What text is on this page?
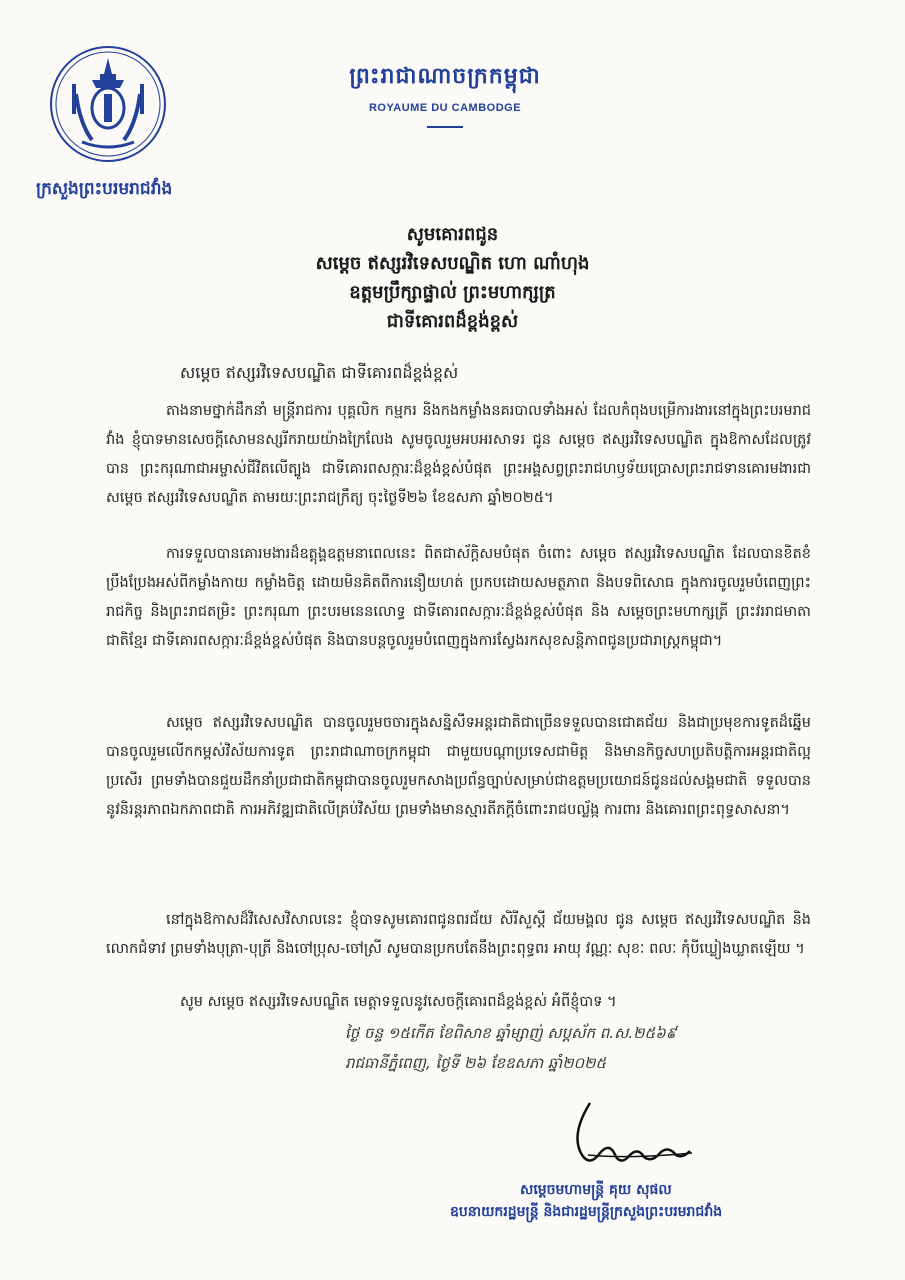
ក្រសួងព្រះបរមរាជវាំង
ព្រះរាជាណាចក្រកម្ពុជា
ROYAUME DU CAMBODGE
សូមគោរពជូន
សម្ដេច ឥស្សរវិទេសបណ្ឌិត ហោ ណាំហុង
ឧត្ដមប្រឹក្សាផ្ទាល់ ព្រះមហាក្សត្រ
ជាទីគោរពដ៏ខ្ពង់ខ្ពស់
សម្ដេច ឥស្សរវិទេសបណ្ឌិត ជាទីគោរពដ៏ខ្ពង់ខ្ពស់

តាងនាមថ្នាក់ដឹកនាំ មន្ត្រីរាជការ បុគ្គលិក កម្មករ និងកងកម្លាំងនគរបាលទាំងអស់ ដែលកំពុងបម្រើការងារនៅក្នុងព្រះបរមរាជវាំង ខ្ញុំបាទមានសេចក្ដីសោមនស្សរីករាយយ៉ាងក្រៃលែង សូមចូលរួមអបអរសាទរ ជូន សម្ដេច ឥស្សរវិទេសបណ្ឌិត ក្នុងឱកាសដែលត្រូវបាន ព្រះករុណាជាអម្ចាស់ជីវិតលើត្បូង ជាទីគោរពសក្ការៈដ៏ខ្ពង់ខ្ពស់បំផុត ព្រះអង្គសព្វព្រះរាជហឫទ័យប្រោសព្រះរាជទានគោរមងារជា សម្ដេច ឥស្សរវិទេសបណ្ឌិត តាមរយៈព្រះរាជក្រឹត្យ ចុះថ្ងៃទី២៦ ខែឧសភា ឆ្នាំ២០២៥។

ការទទួលបានគោរមងារដ៏ឧត្ដុង្គឧត្ដមនាពេលនេះ ពិតជាស័ក្ដិសមបំផុត ចំពោះ សម្ដេច ឥស្សរវិទេសបណ្ឌិត ដែលបានខិតខំប្រឹងប្រែងអស់ពីកម្លាំងកាយ កម្លាំងចិត្ត ដោយមិនគិតពីការនឿយហត់ ប្រកបដោយសមត្ថភាព និងបទពិសោធ ក្នុងការចូលរួមបំពេញព្រះរាជកិច្ច និងព្រះរាជតម្រិះ ព្រះករុណា ព្រះបរមនេនលោទ្ធ ជាទីគោរពសក្ការៈដ៏ខ្ពង់ខ្ពស់បំផុត និង សម្ដេចព្រះមហាក្សត្រី ព្រះវររាជមាតាជាតិខ្មែរ ជាទីគោរពសក្ការៈដ៏ខ្ពង់ខ្ពស់បំផុត និងបានបន្តចូលរួមបំពេញក្នុងការស្វែងរកសុខសន្តិភាពជូនប្រជារាស្ត្រកម្ពុជា។

សម្ដេច ឥស្សរវិទេសបណ្ឌិត បានចូលរួមចចារក្នុងសន្និសីទអន្តរជាតិជាច្រើនទទួលបានជោគជ័យ និងជាប្រមុខការទូតដ៏ឆ្នើម បានចូលរួមលើកកម្ពស់វិស័យការទូត ព្រះរាជាណាចក្រកម្ពុជា ជាមួយបណ្ដាប្រទេសជាមិត្ត និងមានកិច្ចសហប្រតិបត្តិការអន្តរជាតិល្អប្រសើរ ព្រមទាំងបានជួយដឹកនាំប្រជាជាតិកម្ពុជាបានចូលរួមកសាងប្រព័ន្ធច្បាប់សម្រាប់ជាឧត្ដមប្រយោជន៍ជូនដល់សង្គមជាតិ ទទួលបាននូវនិរន្តរភាពឯកភាពជាតិ ការអភិវឌ្ឍជាតិលើគ្រប់វិស័យ ព្រមទាំងមានស្មារតីភក្ដីចំពោះរាជបល្ល័ង្ក ការពារ និងគោរពព្រះពុទ្ធសាសនា។

នៅក្នុងឱកាសដ៏វិសេសវិសាលនេះ ខ្ញុំបាទសូមគោរពជូនពរជ័យ សិរីសួស្ដី ជ័យមង្គល ជូន សម្ដេច ឥស្សរវិទេសបណ្ឌិត និងលោកជំទាវ ព្រមទាំងបុត្រា-បុត្រី និងចៅប្រុស-ចៅស្រី សូមបានប្រកបតែនឹងព្រះពុទ្ធពរ អាយុ វណ្ណៈ សុខៈ ពលៈ កុំបីឃ្លៀងឃ្លាតឡើយ ។

សូម សម្ដេច ឥស្សរវិទេសបណ្ឌិត មេត្តាទទួលនូវសេចក្ដីគោរពដ៏ខ្ពង់ខ្ពស់ អំពីខ្ញុំបាទ ។
ថ្ងៃ ចន្ទ ១៥កើត ខែពិសាខ ឆ្នាំម្សាញ់ សប្តស័ក ព.ស.២៥៦៩
រាជធានីភ្នំពេញ, ថ្ងៃទី ២៦ ខែឧសភា ឆ្នាំ២០២៥
សម្ដេចមហាមន្ត្រី គុយ សុផល
ឧបនាយករដ្ឋមន្ត្រី និងជារដ្ឋមន្ត្រីក្រសួងព្រះបរមរាជវាំង
